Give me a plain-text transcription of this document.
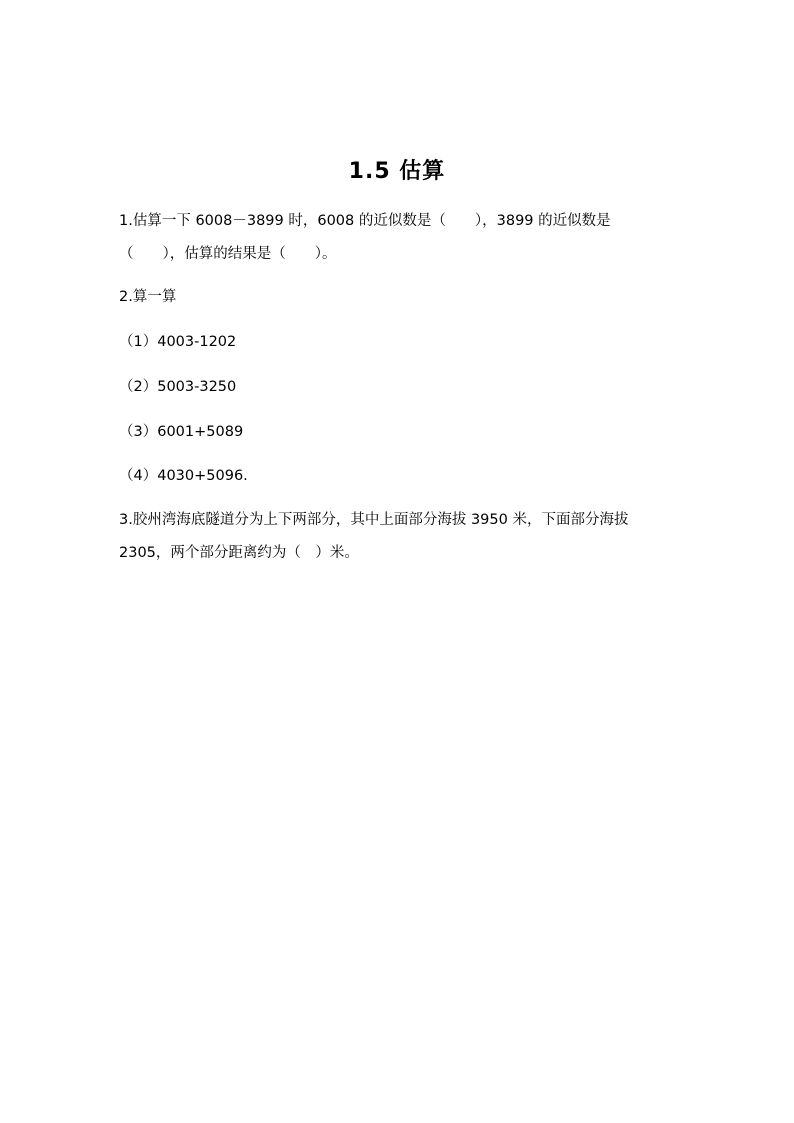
1.5 估算
1.估算一下 6008－3899 时，6008 的近似数是（　　），3899 的近似数是
（　　），估算的结果是（　　）。
2.算一算
（1）4003-1202
（2）5003-3250
（3）6001+5089
（4）4030+5096.
3.胶州湾海底隧道分为上下两部分，其中上面部分海拔 3950 米，下面部分海拔
2305，两个部分距离约为（　）米。
